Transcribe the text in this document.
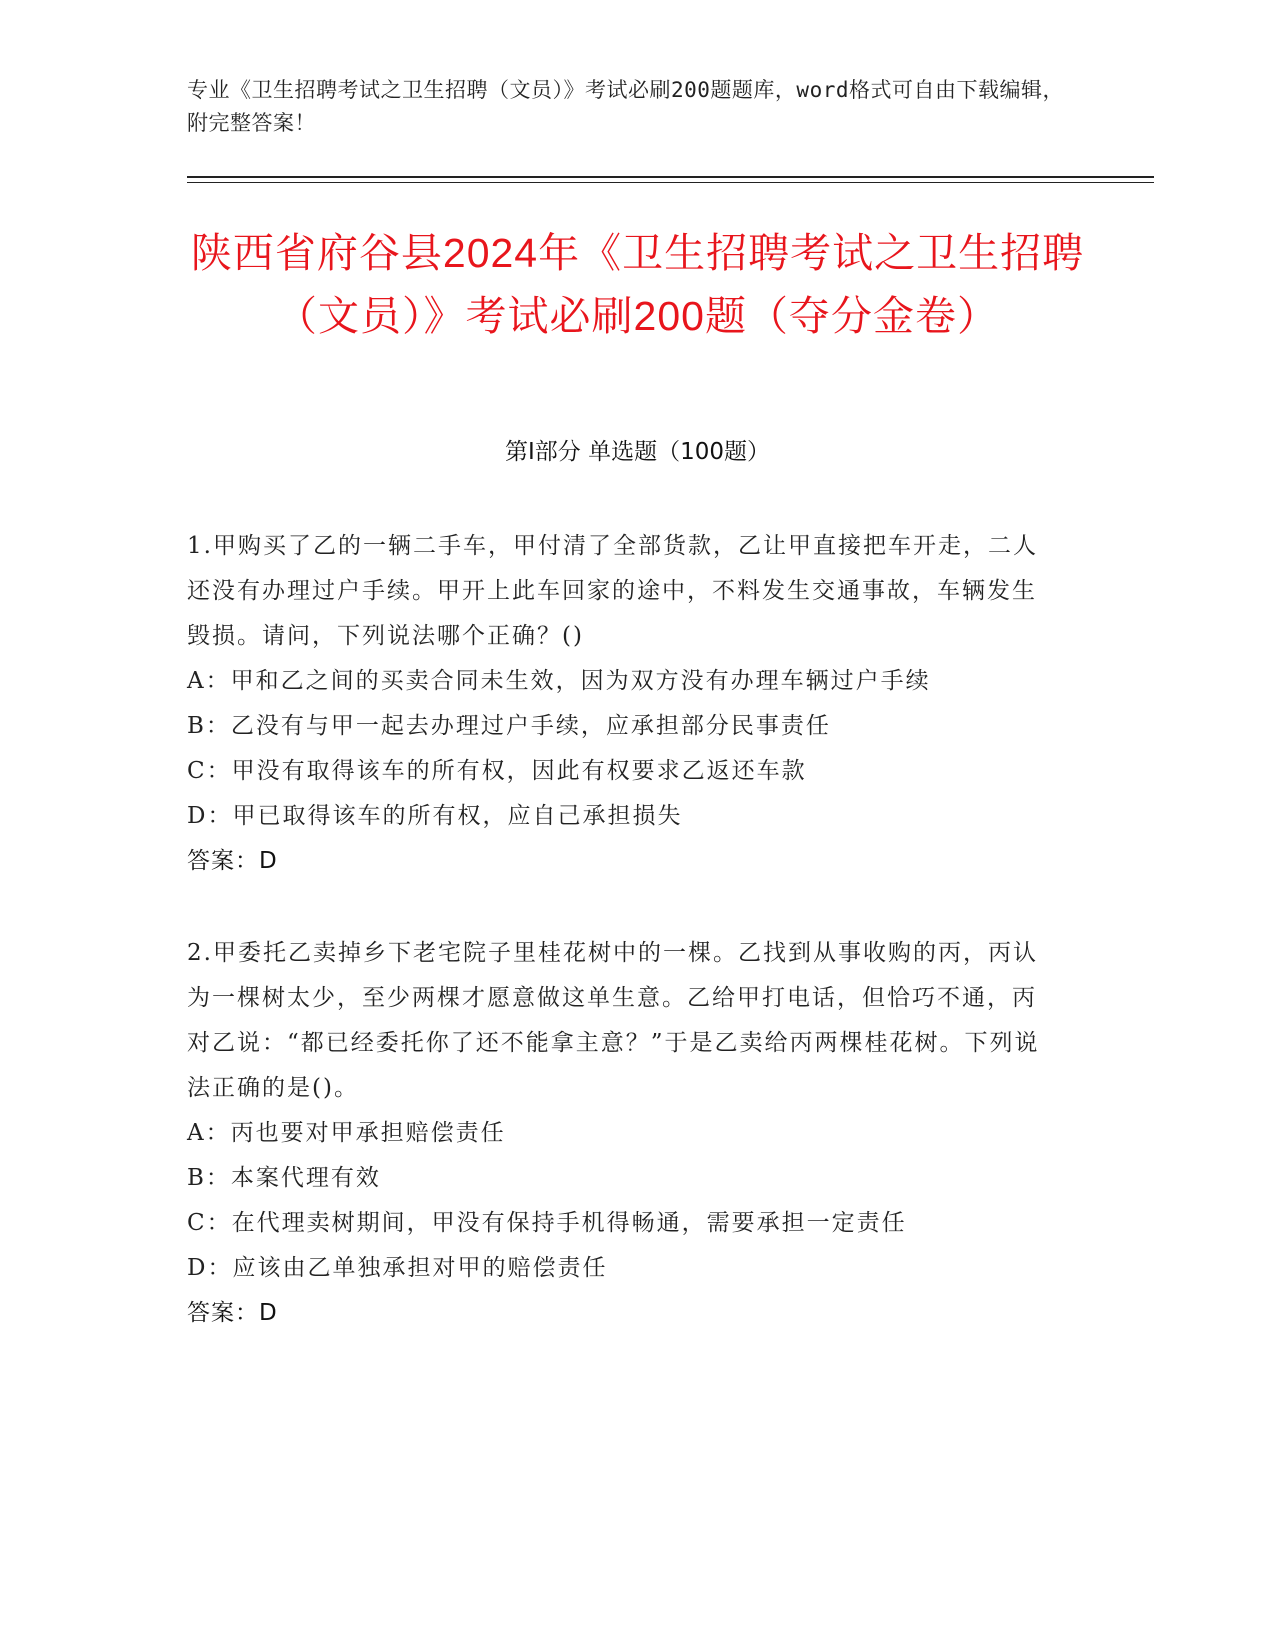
专业《卫生招聘考试之卫生招聘（文员）》考试必刷200题题库，word格式可自由下载编辑，附完整答案！
陕西省府谷县2024年《卫生招聘考试之卫生招聘（文员）》考试必刷200题（夺分金卷）
第Ⅰ部分 单选题（100题）
1.甲购买了乙的一辆二手车，甲付清了全部货款，乙让甲直接把车开走，二人还没有办理过户手续。甲开上此车回家的途中，不料发生交通事故，车辆发生毁损。请问，下列说法哪个正确？()
A：甲和乙之间的买卖合同未生效，因为双方没有办理车辆过户手续
B：乙没有与甲一起去办理过户手续，应承担部分民事责任
C：甲没有取得该车的所有权，因此有权要求乙返还车款
D：甲已取得该车的所有权，应自己承担损失
答案：D
2.甲委托乙卖掉乡下老宅院子里桂花树中的一棵。乙找到从事收购的丙，丙认为一棵树太少，至少两棵才愿意做这单生意。乙给甲打电话，但恰巧不通，丙对乙说：“都已经委托你了还不能拿主意？”于是乙卖给丙两棵桂花树。下列说法正确的是()。
A：丙也要对甲承担赔偿责任
B：本案代理有效
C：在代理卖树期间，甲没有保持手机得畅通，需要承担一定责任
D：应该由乙单独承担对甲的赔偿责任
答案：D
